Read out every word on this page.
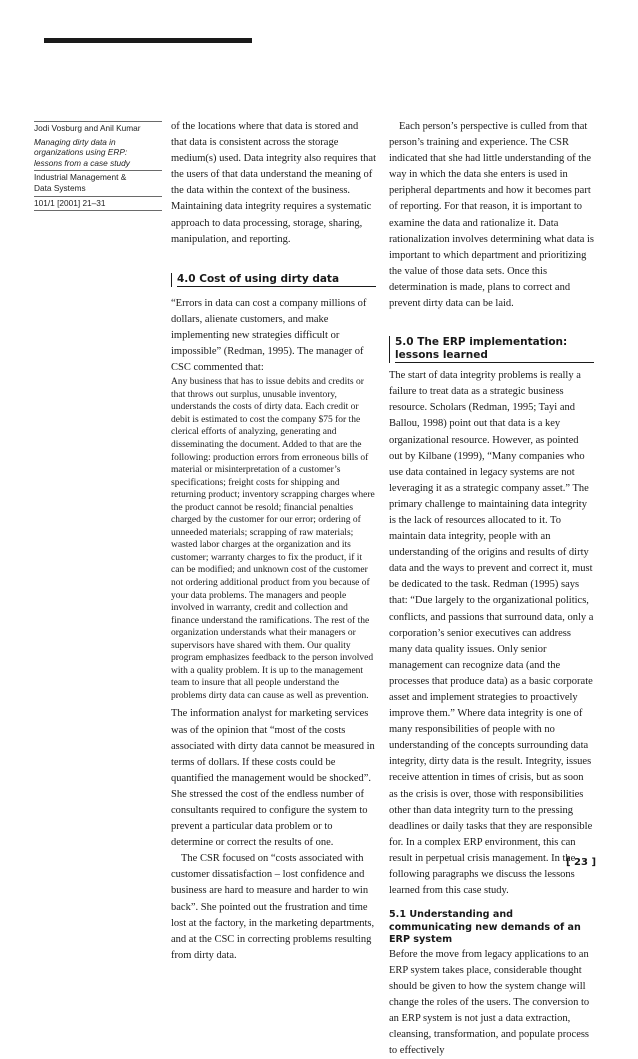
Jodi Vosburg and Anil Kumar
Managing dirty data in
organizations using ERP:
lessons from a case study
Industrial Management &
Data Systems
101/1 [2001] 21–31

of the locations where that data is stored and that data is consistent across the storage medium(s) used. Data integrity also requires that the users of that data understand the meaning of the data within the context of the business. Maintaining data integrity requires a systematic approach to data processing, storage, sharing, manipulation, and reporting.

4.0 Cost of using dirty data

“Errors in data can cost a company millions of dollars, alienate customers, and make implementing new strategies difficult or impossible” (Redman, 1995). The manager of CSC commented that:

Any business that has to issue debits and credits or that throws out surplus, unusable inventory, understands the costs of dirty data. Each credit or debit is estimated to cost the company $75 for the clerical efforts of analyzing, generating and disseminating the document. Added to that are the following: production errors from erroneous bills of material or misinterpretation of a customer’s specifications; freight costs for shipping and returning product; inventory scrapping charges where the product cannot be resold; financial penalties charged by the customer for our error; ordering of unneeded materials; scrapping of raw materials; wasted labor charges at the organization and its customer; warranty charges to fix the product, if it can be modified; and unknown cost of the customer not ordering additional product from you because of your data problems. The managers and people involved in warranty, credit and collection and finance understand the ramifications. The rest of the organization understands what their managers or supervisors have shared with them. Our quality program emphasizes feedback to the person involved with a quality problem. It is up to the management team to insure that all people understand the problems dirty data can cause as well as prevention.

The information analyst for marketing services was of the opinion that “most of the costs associated with dirty data cannot be measured in terms of dollars. If these costs could be quantified the management would be shocked”. She stressed the cost of the endless number of consultants required to configure the system to prevent a particular data problem or to determine or correct the results of one.

The CSR focused on “costs associated with customer dissatisfaction – lost confidence and business are hard to measure and harder to win back”. She pointed out the frustration and time lost at the factory, in the marketing departments, and at the CSC in correcting problems resulting from dirty data.

Each person’s perspective is culled from that person’s training and experience. The CSR indicated that she had little understanding of the way in which the data she enters is used in peripheral departments and how it becomes part of reporting. For that reason, it is important to examine the data and rationalize it. Data rationalization involves determining what data is important to which department and prioritizing the value of those data sets. Once this determination is made, plans to correct and prevent dirty data can be laid.

5.0 The ERP implementation:
lessons learned

The start of data integrity problems is really a failure to treat data as a strategic business resource. Scholars (Redman, 1995; Tayi and Ballou, 1998) point out that data is a key organizational resource. However, as pointed out by Kilbane (1999), “Many companies who use data contained in legacy systems are not leveraging it as a strategic company asset.” The primary challenge to maintaining data integrity is the lack of resources allocated to it. To maintain data integrity, people with an understanding of the origins and results of dirty data and the ways to prevent and correct it, must be dedicated to the task. Redman (1995) says that: “Due largely to the organizational politics, conflicts, and passions that surround data, only a corporation’s senior executives can address many data quality issues. Only senior management can recognize data (and the processes that produce data) as a basic corporate asset and implement strategies to proactively improve them.” Where data integrity is one of many responsibilities of people with no understanding of the concepts surrounding data integrity, dirty data is the result. Integrity, issues receive attention in times of crisis, but as soon as the crisis is over, those with responsibilities other than data integrity turn to the pressing deadlines or daily tasks that they are responsible for. In a complex ERP environment, this can result in perpetual crisis management. In the following paragraphs we discuss the lessons learned from this case study.

5.1 Understanding and communicating new demands of an ERP system

Before the move from legacy applications to an ERP system takes place, considerable thought should be given to how the system change will change the roles of the users. The conversion to an ERP system is not just a data extraction, cleansing, transformation, and populate process to effectively

[ 23 ]
